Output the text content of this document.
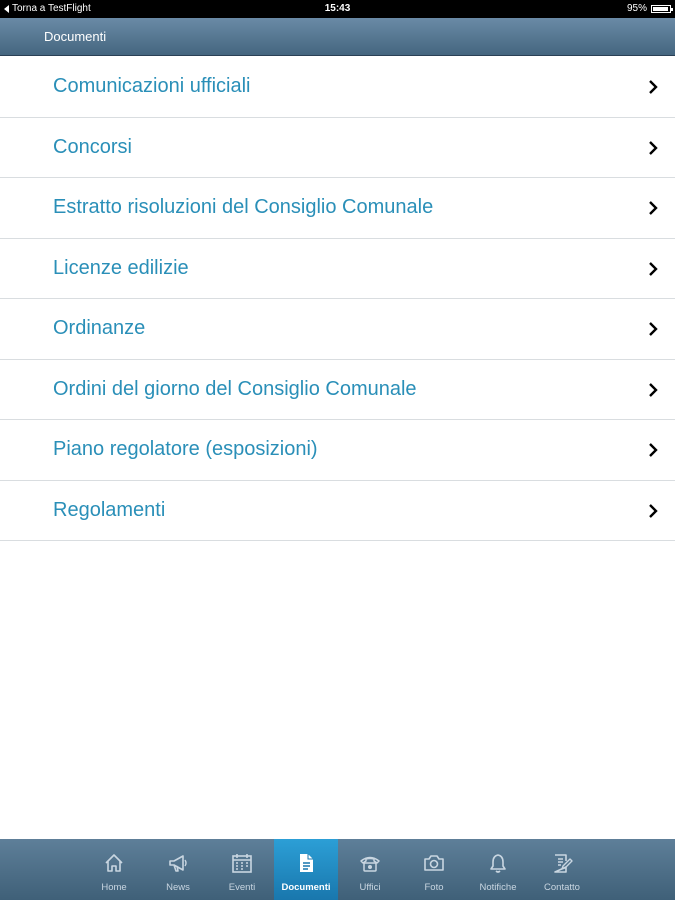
Torna a TestFlight	15:43	95%
Documenti
Comunicazioni ufficiali
Concorsi
Estratto risoluzioni del Consiglio Comunale
Licenze edilizie
Ordinanze
Ordini del giorno del Consiglio Comunale
Piano regolatore (esposizioni)
Regolamenti
Home	News	Eventi	Documenti	Uffici	Foto	Notifiche	Contatto
